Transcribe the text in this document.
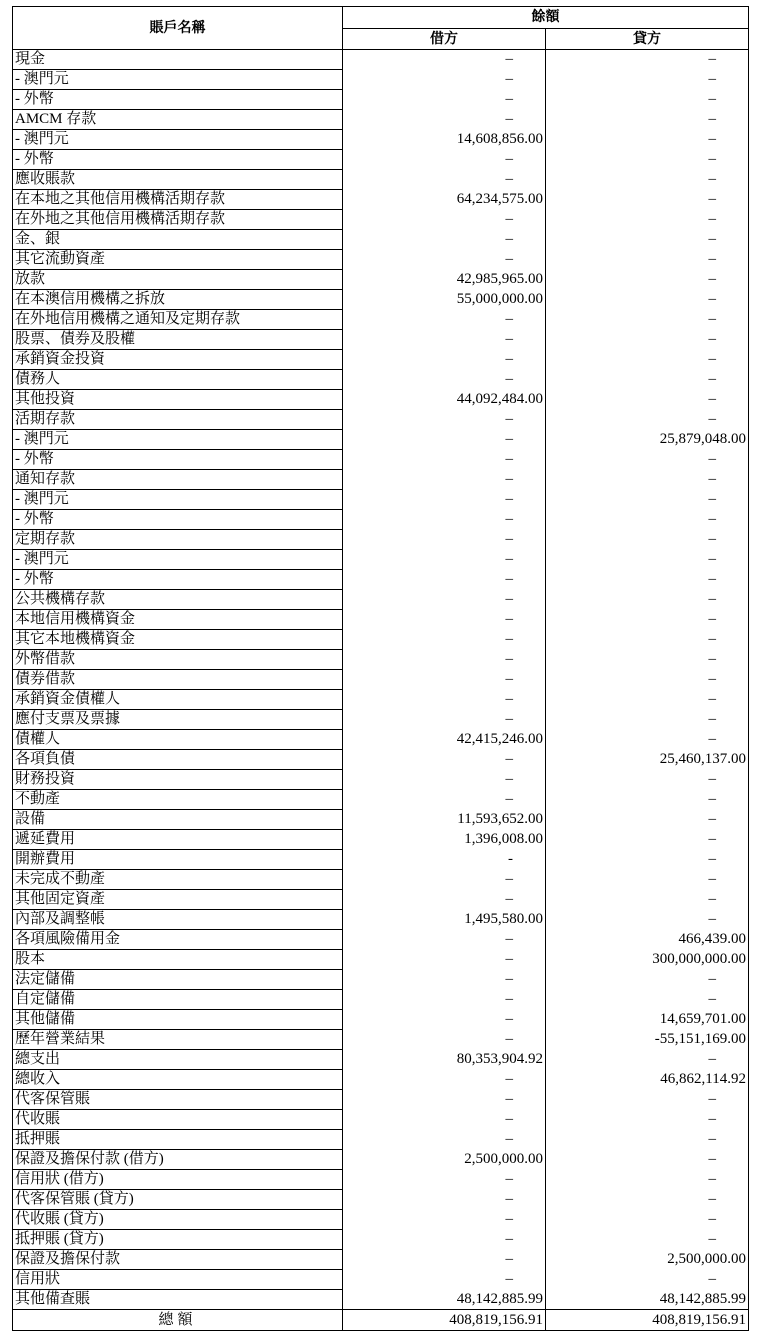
賬戶名稱	餘額	
	借方	貸方
現金	–	–
- 澳門元	–	–
- 外幣	–	–
AMCM 存款	–	–
- 澳門元	14,608,856.00	–
- 外幣	–	–
應收賬款	–	–
在本地之其他信用機構活期存款	64,234,575.00	–
在外地之其他信用機構活期存款	–	–
金、銀	–	–
其它流動資產	–	–
放款	42,985,965.00	–
在本澳信用機構之拆放	55,000,000.00	–
在外地信用機構之通知及定期存款	–	–
股票、債券及股權	–	–
承銷資金投資	–	–
債務人	–	–
其他投資	44,092,484.00	–
活期存款	–	–
- 澳門元	–	25,879,048.00
- 外幣	–	–
通知存款	–	–
- 澳門元	–	–
- 外幣	–	–
定期存款	–	–
- 澳門元	–	–
- 外幣	–	–
公共機構存款	–	–
本地信用機構資金	–	–
其它本地機構資金	–	–
外幣借款	–	–
債券借款	–	–
承銷資金債權人	–	–
應付支票及票據	–	–
債權人	42,415,246.00	–
各項負債	–	25,460,137.00
財務投資	–	–
不動產	–	–
設備	11,593,652.00	–
遞延費用	1,396,008.00	–
開辦費用	-	–
未完成不動產	–	–
其他固定資產	–	–
內部及調整帳	1,495,580.00	–
各項風險備用金	–	466,439.00
股本	–	300,000,000.00
法定儲備	–	–
自定儲備	–	–
其他儲備	–	14,659,701.00
歷年營業結果	–	-55,151,169.00
總支出	80,353,904.92	–
總收入	–	46,862,114.92
代客保管賬	–	–
代收賬	–	–
抵押賬	–	–
保證及擔保付款 (借方)	2,500,000.00	–
信用狀 (借方)	–	–
代客保管賬 (貸方)	–	–
代收賬 (貸方)	–	–
抵押賬 (貸方)	–	–
保證及擔保付款	–	2,500,000.00
信用狀	–	–
其他備查賬	48,142,885.99	48,142,885.99
總額	408,819,156.91	408,819,156.91
